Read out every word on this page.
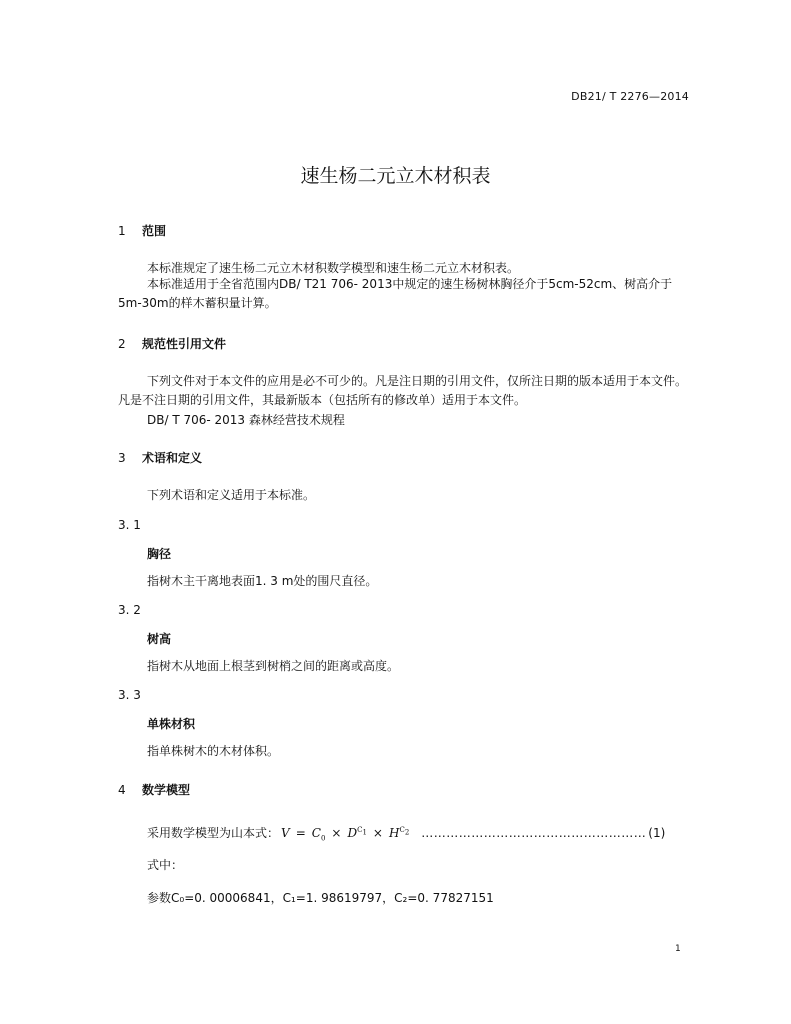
DB21/ T 2276—2014
速生杨二元立木材积表
1 范围
本标准规定了速生杨二元立木材积数学模型和速生杨二元立木材积表。
本标准适用于全省范围内DB/ T21 706- 2013中规定的速生杨树林胸径介于5cm-52cm、树高介于5m-30m的样木蓄积量计算。
2 规范性引用文件
下列文件对于本文件的应用是必不可少的。凡是注日期的引用文件，仅所注日期的版本适用于本文件。凡是不注日期的引用文件，其最新版本（包括所有的修改单）适用于本文件。
DB/ T 706- 2013 森林经营技术规程
3 术语和定义
下列术语和定义适用于本标准。
3. 1
胸径
指树木主干离地表面1. 3 m处的围尺直径。
3. 2
树高
指树木从地面上根茎到树梢之间的距离或高度。
3. 3
单株材积
指单株树木的木材体积。
4 数学模型
采用数学模型为山本式： $V = C_0 \times D^{C_1} \times H^{C_2}$ ……………………………………………… (1)
式中：
参数C₀=0. 00006841，C₁=1. 98619797，C₂=0. 77827151
1
